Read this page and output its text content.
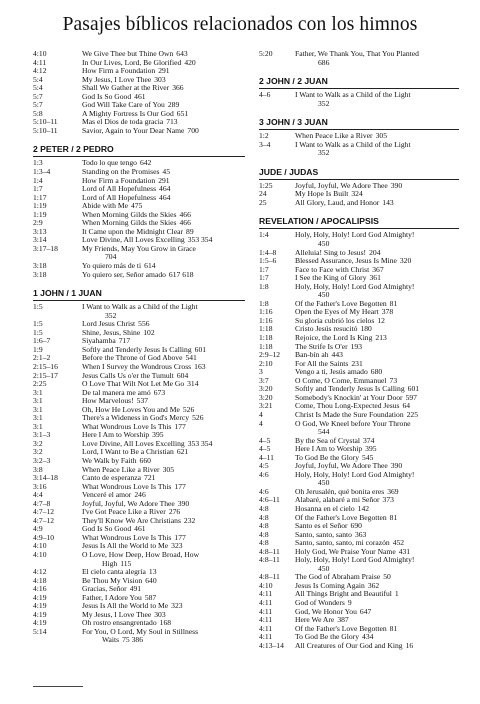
Pasajes bíblicos relacionados con los himnos
4:10	We Give Thee but Thine Own 643
4:11	In Our Lives, Lord, Be Glorified 420
4:12	How Firm a Foundation 291
5:4	My Jesus, I Love Thee 303
5:4	Shall We Gather at the River 366
5:7	God Is So Good 461
5:7	God Will Take Care of You 289
5:8	A Mighty Fortress Is Our God 651
5:10–11	Mas el Dios de toda gracia 713
5:10–11	Savior, Again to Your Dear Name 700
2 PETER / 2 PEDRO
1:3	Todo lo que tengo 642
1:3–4	Standing on the Promises 45
1:4	How Firm a Foundation 291
1:7	Lord of All Hopefulness 464
1:17	Lord of All Hopefulness 464
1:19	Abide with Me 475
1:19	When Morning Gilds the Skies 466
2:9	When Morning Gilds the Skies 466
3:13	It Came upon the Midnight Clear 89
3:14	Love Divine, All Loves Excelling 353 354
3:17–18	My Friends, May You Grow in Grace
704
3:18	Yo quiero más de ti 614
3:18	Yo quiero ser, Señor amado 617 618
1 JOHN / 1 JUAN
1:5	I Want to Walk as a Child of the Light
352
1:5	Lord Jesus Christ 556
1:5	Shine, Jesus, Shine 102
1:6–7	Siyahamba 717
1:9	Softly and Tenderly Jesus Is Calling 601
2:1–2	Before the Throne of God Above 541
2:15–16	When I Survey the Wondrous Cross 163
2:15–17	Jesus Calls Us o'er the Tumult 604
2:25	O Love That Wilt Not Let Me Go 314
3:1	De tal manera me amó 673
3:1	How Marvelous! 537
3:1	Oh, How He Loves You and Me 526
3:1	There's a Wideness in God's Mercy 526
3:1	What Wondrous Love Is This 177
3:1–3	Here I Am to Worship 395
3:2	Love Divine, All Loves Excelling 353 354
3:2	Lord, I Want to Be a Christian 621
3:2–3	We Walk by Faith 660
3:8	When Peace Like a River 305
3:14–18	Canto de esperanza 721
3:16	What Wondrous Love Is This 177
4:4	Venceré el amor 246
4:7–8	Joyful, Joyful, We Adore Thee 390
4:7–12	I've Got Peace Like a River 276
4:7–12	They'll Know We Are Christians 232
4:9	God Is So Good 461
4:9–10	What Wondrous Love Is This 177
4:10	Jesus Is All the World to Me 323
4:10	O Love, How Deep, How Broad, How
High 115
4:12	El cielo canta alegría 13
4:18	Be Thou My Vision 640
4:16	Gracias, Señor 491
4:19	Father, I Adore You 587
4:19	Jesus Is All the World to Me 323
4:19	My Jesus, I Love Thee 303
4:19	Oh rostro ensangrentado 168
5:14	For You, O Lord, My Soul in Stillness
Waits 75 386
5:20	Father, We Thank You, That You Planted
686
2 JOHN / 2 JUAN
4–6	I Want to Walk as a Child of the Light
352
3 JOHN / 3 JUAN
1:2	When Peace Like a River 305
3–4	I Want to Walk as a Child of the Light
352
JUDE / JUDAS
1:25	Joyful, Joyful, We Adore Thee 390
24	My Hope Is Built 324
25	All Glory, Laud, and Honor 143
REVELATION / APOCALIPSIS
1:4	Holy, Holy, Holy! Lord God Almighty!
450
1:4–8	Alleluia! Sing to Jesus! 204
1:5–6	Blessed Assurance, Jesus Is Mine 320
1:7	Face to Face with Christ 367
1:7	I See the King of Glory 361
1:8	Holy, Holy, Holy! Lord God Almighty!
450
1:8	Of the Father's Love Begotten 81
1:16	Open the Eyes of My Heart 378
1:16	Su gloria cubrió los cielos 12
1:18	Cristo Jesús resucitó 180
1:18	Rejoice, the Lord Is King 213
1:18	The Strife Is O'er 193
2:9–12	Ban-bín ah 443
2:10	For All the Saints 231
3	Vengo a ti, Jesús amado 680
3:7	O Come, O Come, Emmanuel 73
3:20	Softly and Tenderly Jesus Is Calling 601
3:20	Somebody's Knockin' at Your Door 597
3:21	Come, Thou Long-Expected Jesus 64
4	Christ Is Made the Sure Foundation 225
4	O God, We Kneel before Your Throne
544
4–5	By the Sea of Crystal 374
4–5	Here I Am to Worship 395
4–11	To God Be the Glory 545
4:5	Joyful, Joyful, We Adore Thee 390
4:6	Holy, Holy, Holy! Lord God Almighty!
450
4:6	Oh Jerusalén, qué bonita eres 369
4:6–11	Alabaré, alabaré a mi Señor 373
4:8	Hosanna en el cielo 142
4:8	Of the Father's Love Begotten 81
4:8	Santo es el Señor 690
4:8	Santo, santo, santo 363
4:8	Santo, santo, santo, mi corazón 452
4:8–11	Holy God, We Praise Your Name 431
4:8–11	Holy, Holy, Holy! Lord God Almighty!
450
4:8–11	The God of Abraham Praise 50
4:10	Jesus Is Coming Again 362
4:11	All Things Bright and Beautiful 1
4:11	God of Wonders 9
4:11	God, We Honor You 647
4:11	Here We Are 387
4:11	Of the Father's Love Begotten 81
4:11	To God Be the Glory 434
4:13–14	All Creatures of Our God and King 16
